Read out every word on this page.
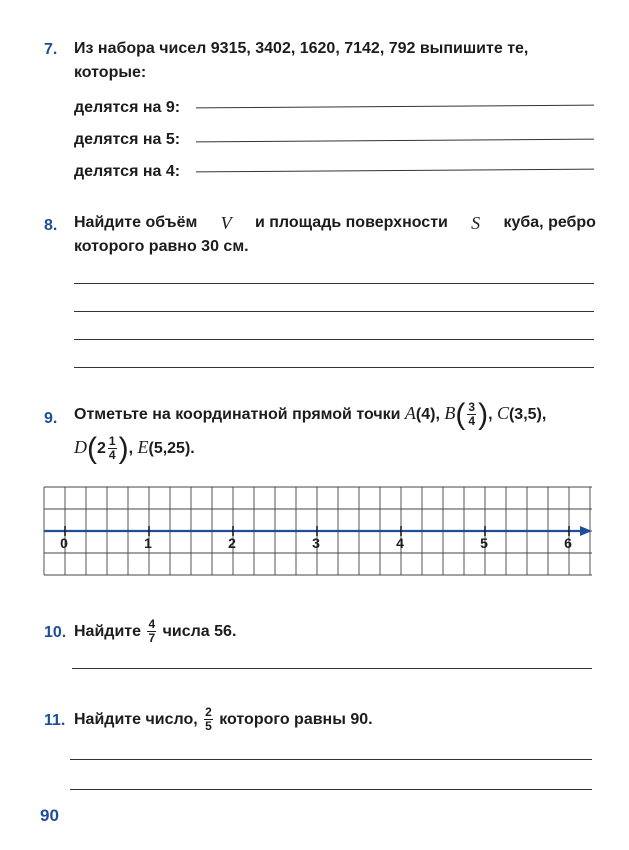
7. Из набора чисел 9315, 3402, 1620, 7142, 792 выпишите те,
которые:
делятся на 9:
делятся на 5:
делятся на 4:
8. Найдите объём V и площадь поверхности S куба, ребро
которого равно 30 см.
9. Отметьте на координатной прямой точки A(4), $B( \frac{3}{4}$ ), C(3,5),
$D(2 \frac{1}{4}$ ), E(5,25).
0	1	2	3	4	5	6
10. Найдите $\frac{4}{7}$ числа 56.
11. Найдите число, $\frac{2}{5}$ которого равны 90.
90
